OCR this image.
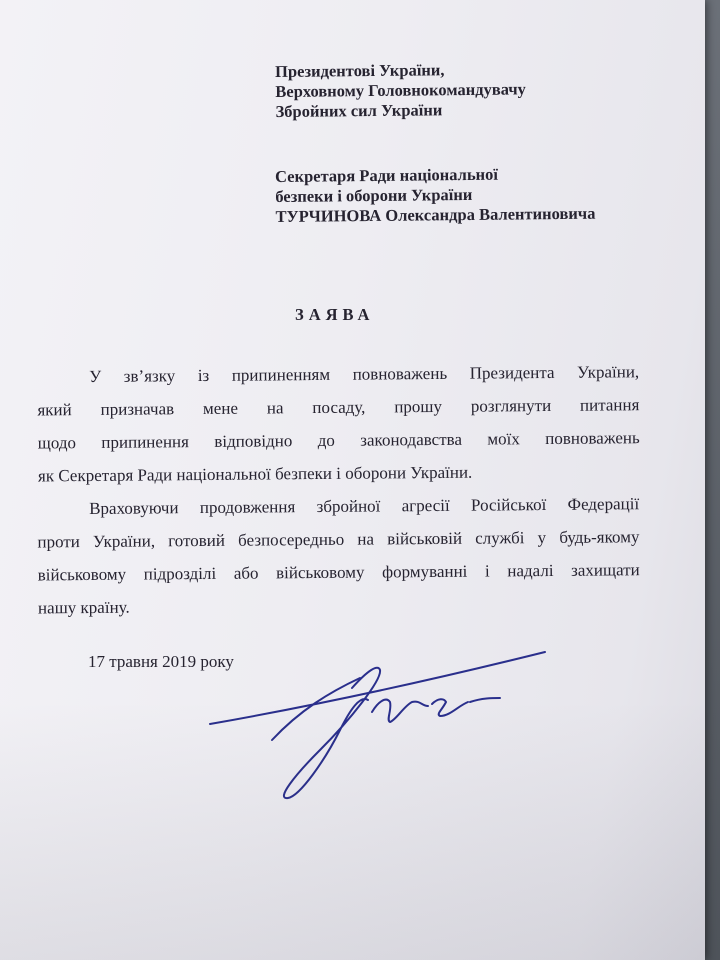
Президентові України,
Верховному Головнокомандувачу
Збройних сил України
Секретаря Ради національної
безпеки і оборони України
ТУРЧИНОВА Олександра Валентиновича
ЗАЯВА
У зв’язку із припиненням повноважень Президента України,
який призначав мене на посаду, прошу розглянути питання
щодо припинення відповідно до законодавства моїх повноважень
як Секретаря Ради національної безпеки і оборони України.
Враховуючи продовження збройної агресії Російської Федерації
проти України, готовий безпосередньо на військовій службі у будь-якому
військовому підрозділі або військовому формуванні і надалі захищати
нашу країну.
17 травня 2019 року
